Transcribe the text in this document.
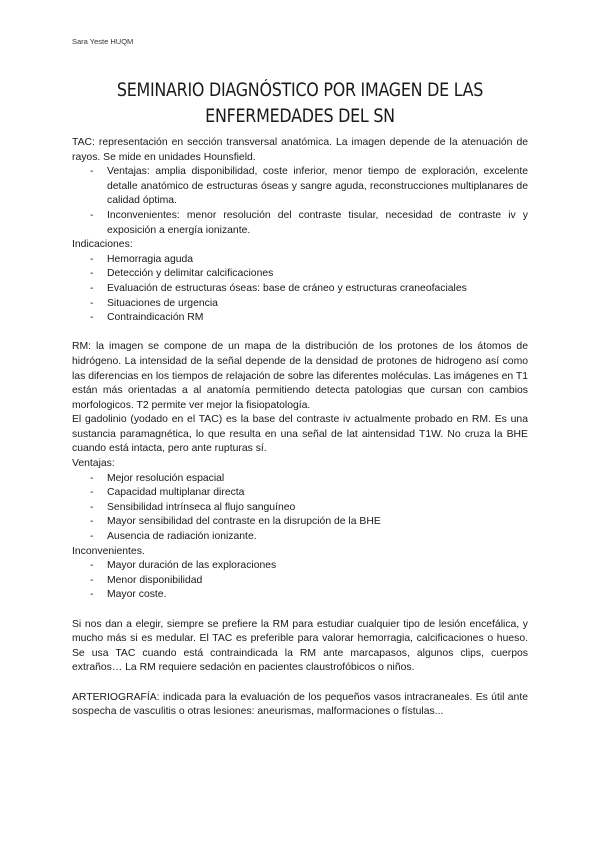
Sara Yeste HUQM
SEMINARIO DIAGNÓSTICO POR IMAGEN DE LAS
ENFERMEDADES DEL SN

TAC: representación en sección transversal anatómica. La imagen depende de la atenuación de rayos. Se mide en unidades Hounsfield.

- Ventajas: amplia disponibilidad, coste inferior, menor tiempo de exploración, excelente detalle anatómico de estructuras óseas y sangre aguda, reconstrucciones multiplanares de calidad óptima.
- Inconvenientes: menor resolución del contraste tisular, necesidad de contraste iv y exposición a energía ionizante.

Indicaciones:

- Hemorragia aguda
- Detección y delimitar calcificaciones
- Evaluación de estructuras óseas: base de cráneo y estructuras craneofaciales
- Situaciones de urgencia
- Contraindicación RM

RM: la imagen se compone de un mapa de la distribución de los protones de los átomos de hidrógeno. La intensidad de la señal depende de la densidad de protones de hidrogeno así como las diferencias en los tiempos de relajación de sobre las diferentes moléculas. Las imágenes en T1 están más orientadas a al anatomía permitiendo detecta patologias que cursan con cambios morfologicos. T2 permite ver mejor la fisiopatología.

El gadolinio (yodado en el TAC) es la base del contraste iv actualmente probado en RM. Es una sustancia paramagnética, lo que resulta en una señal de lat aintensidad T1W. No cruza la BHE cuando está intacta, pero ante rupturas sí.

Ventajas:

- Mejor resolución espacial
- Capacidad multiplanar directa
- Sensibilidad intrínseca al flujo sanguíneo
- Mayor sensibilidad del contraste en la disrupción de la BHE
- Ausencia de radiación ionizante.

Inconvenientes.

- Mayor duración de las exploraciones
- Menor disponibilidad
- Mayor coste.

Si nos dan a elegir, siempre se prefiere la RM para estudiar cualquier tipo de lesión encefálica, y mucho más si es medular. El TAC es preferible para valorar hemorragia, calcificaciones o hueso. Se usa TAC cuando está contraindicada la RM ante marcapasos, algunos clips, cuerpos extraños… La RM requiere sedación en pacientes claustrofóbicos o niños.

ARTERIOGRAFÍA: indicada para la evaluación de los pequeños vasos intracraneales. Es útil ante sospecha de vasculitis o otras lesiones: aneurismas, malformaciones o fístulas...
